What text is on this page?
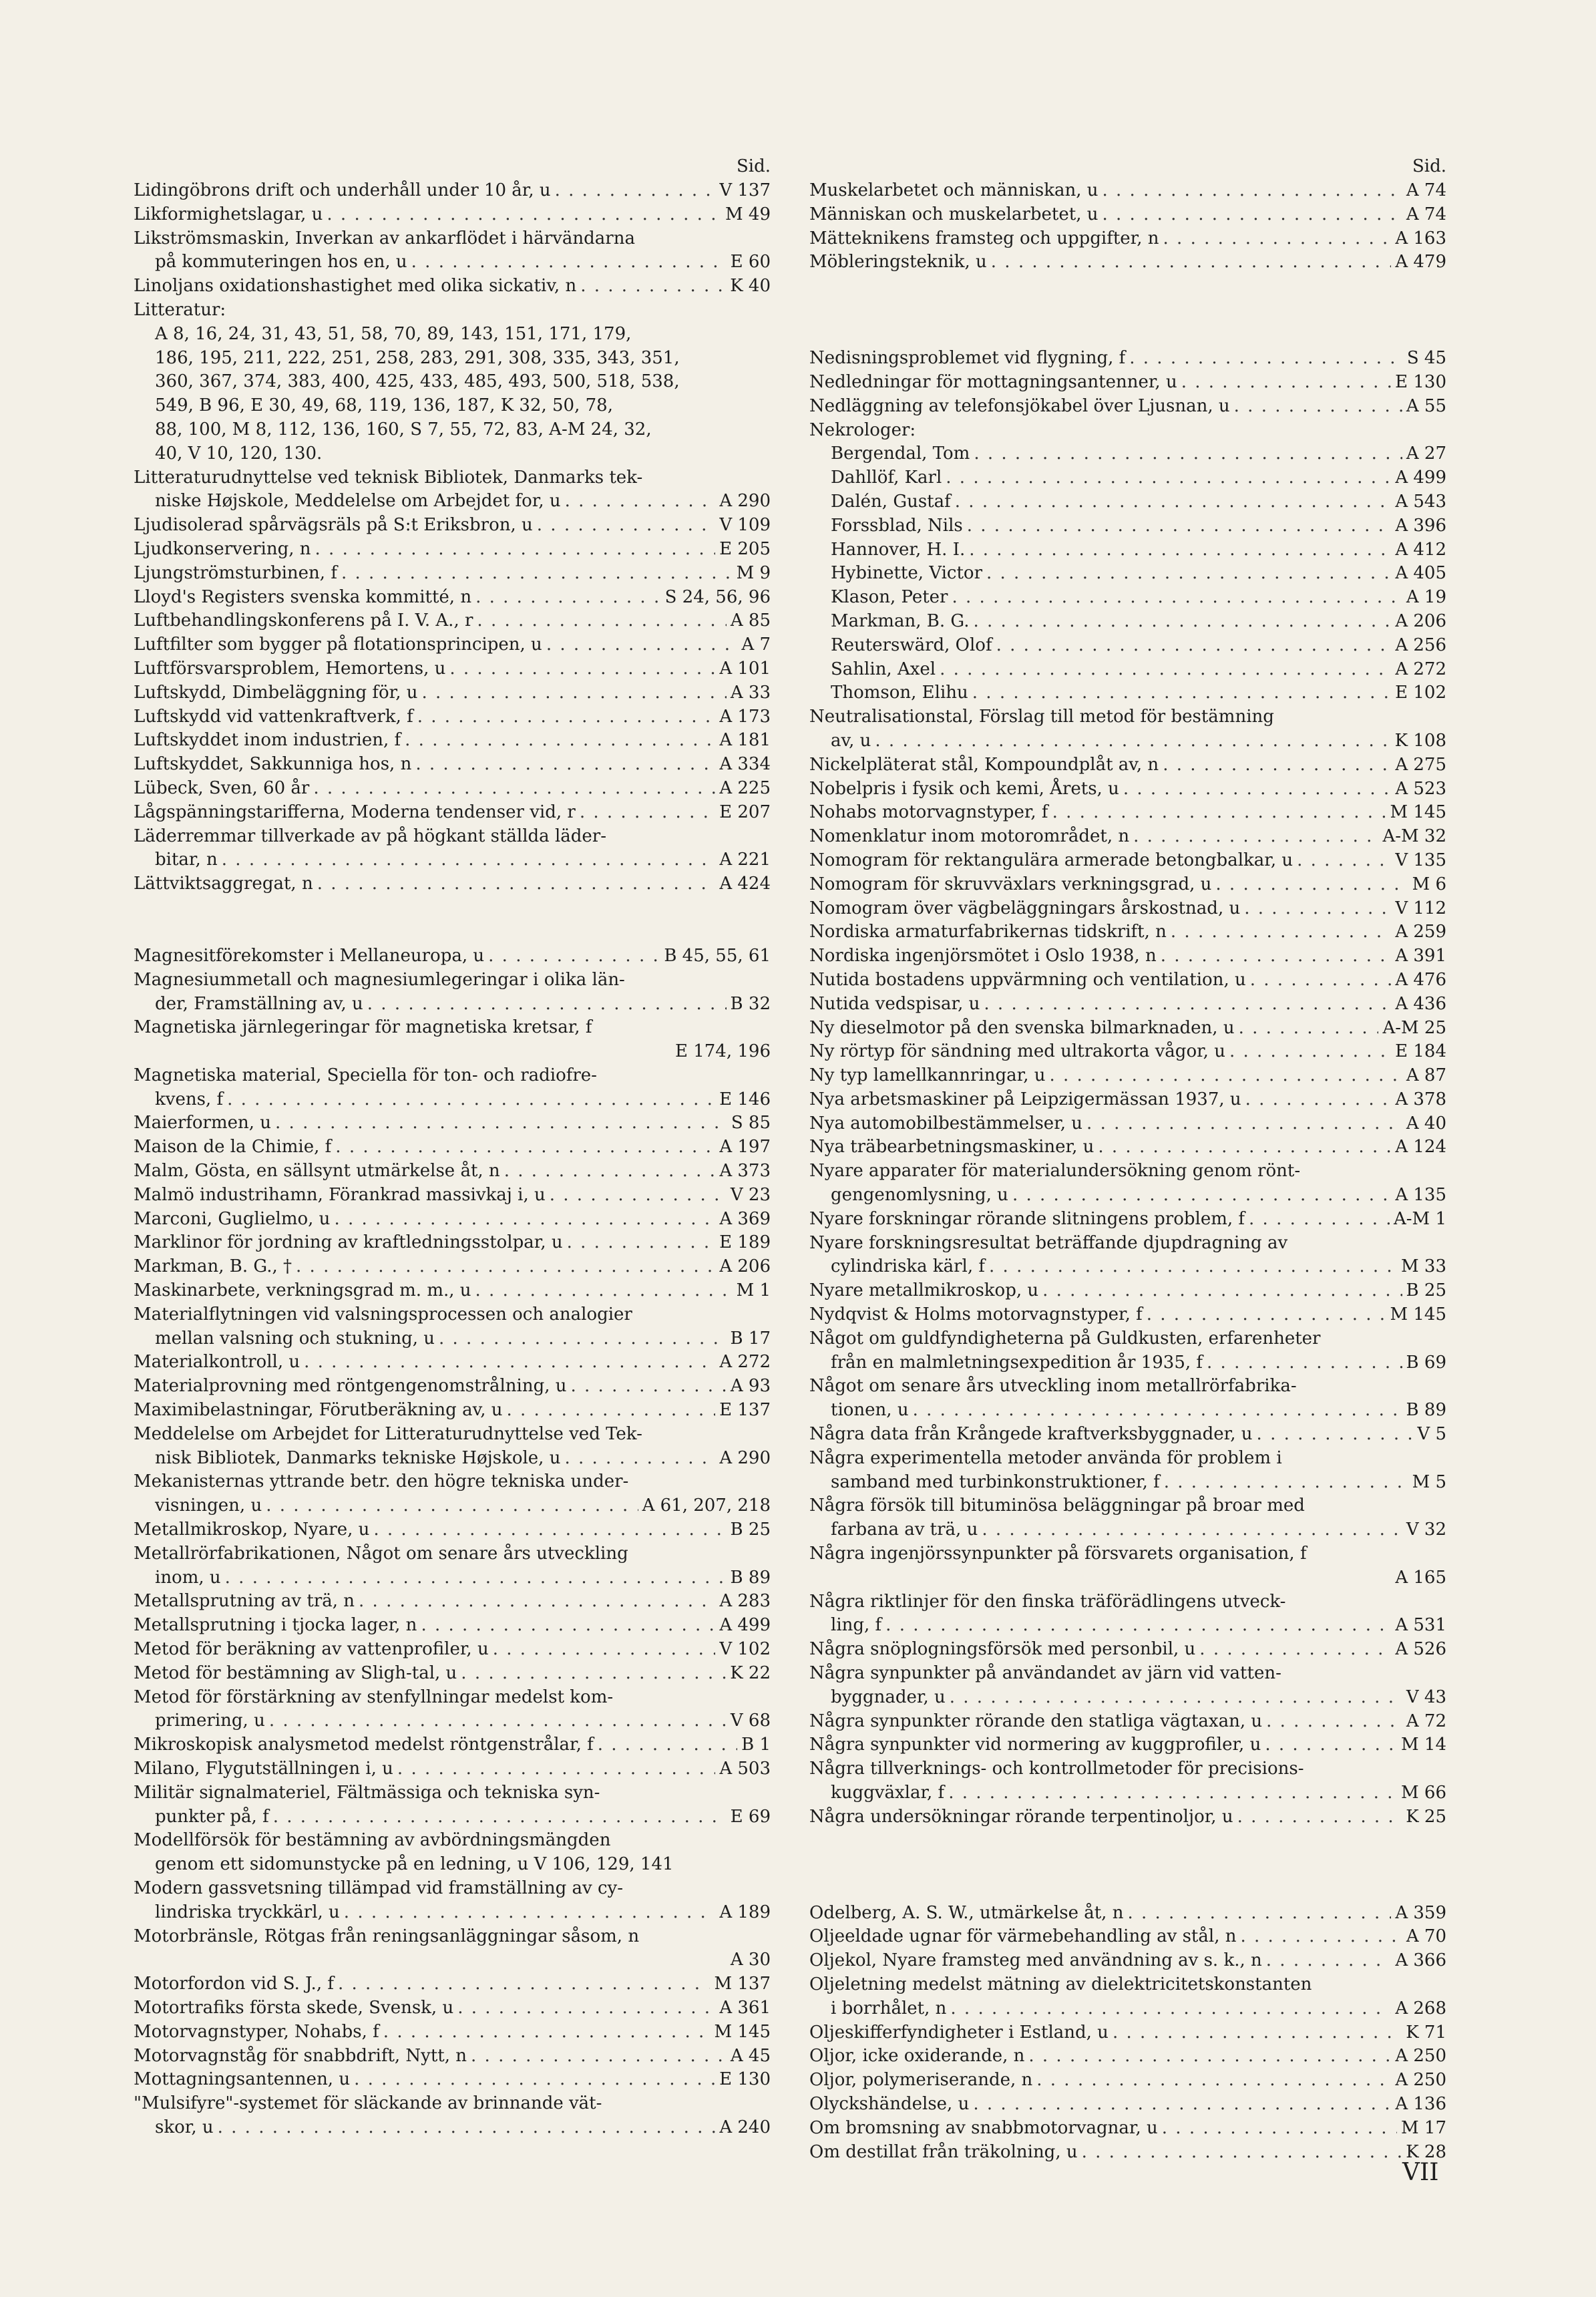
Sid.
Lidingöbrons drift och underhåll under 10 år, u . . .	V 137
Likformighetslagar, u . . .	M 49
Likströmsmaskin, Inverkan av ankarflödet i härvändarna
på kommuteringen hos en, u . . .	E 60
Linoljans oxidationshastighet med olika sickativ, n . . .	K 40
Litteratur:
A 8, 16, 24, 31, 43, 51, 58, 70, 89, 143, 151, 171, 179,
186, 195, 211, 222, 251, 258, 283, 291, 308, 335, 343, 351,
360, 367, 374, 383, 400, 425, 433, 485, 493, 500, 518, 538,
549, B 96, E 30, 49, 68, 119, 136, 187, K 32, 50, 78,
88, 100, M 8, 112, 136, 160, S 7, 55, 72, 83, A-M 24, 32,
40, V 10, 120, 130.
Litteraturudnyttelse ved teknisk Bibliotek, Danmarks tek-
niske Højskole, Meddelelse om Arbejdet for, u . . .	A 290
Ljudisolerad spårvägsräls på S:t Eriksbron, u . . .	V 109
Ljudkonservering, n . . .	E 205
Ljungströmsturbinen, f . . .	M 9
Lloyd's Registers svenska kommitté, n . . .	S 24, 56, 96
Luftbehandlingskonferens på I. V. A., r . . .	A 85
Luftfilter som bygger på flotationsprincipen, u . . .	A 7
Luftförsvarsproblem, Hemortens, u . . .	A 101
Luftskydd, Dimbeläggning för, u . . .	A 33
Luftskydd vid vattenkraftverk, f . . .	A 173
Luftskyddet inom industrien, f . . .	A 181
Luftskyddet, Sakkunniga hos, n . . .	A 334
Lübeck, Sven, 60 år . . .	A 225
Lågspänningstarifferna, Moderna tendenser vid, r . . .	E 207
Läderremmar tillverkade av på högkant ställda läder-
bitar, n . . .	A 221
Lättviktsaggregat, n . . .	A 424
Magnesitförekomster i Mellaneuropa, u . . .	B 45, 55, 61
Magnesiummetall och magnesiumlegeringar i olika län-
der, Framställning av, u . . .	B 32
Magnetiska järnlegeringar för magnetiska kretsar, f
E 174, 196
Magnetiska material, Speciella för ton- och radiofre-
kvens, f . . .	E 146
Maierformen, u . . .	S 85
Maison de la Chimie, f . . .	A 197
Malm, Gösta, en sällsynt utmärkelse åt, n . . .	A 373
Malmö industrihamn, Förankrad massivkaj i, u . . .	V 23
Marconi, Guglielmo, u . . .	A 369
Marklinor för jordning av kraftledningsstolpar, u . . .	E 189
Markman, B. G., † . . .	A 206
Maskinarbete, verkningsgrad m. m., u . . .	M 1
Materialflytningen vid valsningsprocessen och analogier
mellan valsning och stukning, u . . .	B 17
Materialkontroll, u . . .	A 272
Materialprovning med röntgengenomstrålning, u . . .	A 93
Maximibelastningar, Förutberäkning av, u . . .	E 137
Meddelelse om Arbejdet for Litteraturudnyttelse ved Tek-
nisk Bibliotek, Danmarks tekniske Højskole, u . . .	A 290
Mekanisternas yttrande betr. den högre tekniska under-
visningen, u . . .	A 61, 207, 218
Metallmikroskop, Nyare, u . . .	B 25
Metallrörfabrikationen, Något om senare års utveckling
inom, u . . .	B 89
Metallsprutning av trä, n . . .	A 283
Metallsprutning i tjocka lager, n . . .	A 499
Metod för beräkning av vattenprofiler, u . . .	V 102
Metod för bestämning av Sligh-tal, u . . .	K 22
Metod för förstärkning av stenfyllningar medelst kom-
primering, u . . .	V 68
Mikroskopisk analysmetod medelst röntgenstrålar, f . . .	B 1
Milano, Flygutställningen i, u . . .	A 503
Militär signalmateriel, Fältmässiga och tekniska syn-
punkter på, f . . .	E 69
Modellförsök för bestämning av avbördningsmängden
genom ett sidomunstycke på en ledning, u V 106, 129, 141
Modern gassvetsning tillämpad vid framställning av cy-
lindriska tryckkärl, u . . .	A 189
Motorbränsle, Rötgas från reningsanläggningar såsom, n
A 30
Motorfordon vid S. J., f . . .	M 137
Motortrafiks första skede, Svensk, u . . .	A 361
Motorvagnstyper, Nohabs, f . . .	M 145
Motorvagnståg för snabbdrift, Nytt, n . . .	A 45
Mottagningsantennen, u . . .	E 130
"Mulsifyre"-systemet för släckande av brinnande vät-
skor, u . . .	A 240
Sid.
Muskelarbetet och människan, u . . .	A 74
Människan och muskelarbetet, u . . .	A 74
Mätteknikens framsteg och uppgifter, n . . .	A 163
Möbleringsteknik, u . . .	A 479
Nedisningsproblemet vid flygning, f . . .	S 45
Nedledningar för mottagningsantenner, u . . .	E 130
Nedläggning av telefonsjökabel över Ljusnan, u . . .	A 55
Nekrologer:
Bergendal, Tom . . .	A 27
Dahllöf, Karl . . .	A 499
Dalén, Gustaf . . .	A 543
Forssblad, Nils . . .	A 396
Hannover, H. I. . . .	A 412
Hybinette, Victor . . .	A 405
Klason, Peter . . .	A 19
Markman, B. G. . . .	A 206
Reuterswärd, Olof . . .	A 256
Sahlin, Axel . . .	A 272
Thomson, Elihu . . .	E 102
Neutralisationstal, Förslag till metod för bestämning
av, u . . .	K 108
Nickelpläterat stål, Kompoundplåt av, n . . .	A 275
Nobelpris i fysik och kemi, Årets, u . . .	A 523
Nohabs motorvagnstyper, f . . .	M 145
Nomenklatur inom motorområdet, n . . .	A-M 32
Nomogram för rektangulära armerade betongbalkar, u . . .	V 135
Nomogram för skruvväxlars verkningsgrad, u . . .	M 6
Nomogram över vägbeläggningars årskostnad, u . . .	V 112
Nordiska armaturfabrikernas tidskrift, n . . .	A 259
Nordiska ingenjörsmötet i Oslo 1938, n . . .	A 391
Nutida bostadens uppvärmning och ventilation, u . . .	A 476
Nutida vedspisar, u . . .	A 436
Ny dieselmotor på den svenska bilmarknaden, u . . .	A-M 25
Ny rörtyp för sändning med ultrakorta vågor, u . . .	E 184
Ny typ lamellkannringar, u . . .	A 87
Nya arbetsmaskiner på Leipzigermässan 1937, u . . .	A 378
Nya automobilbestämmelser, u . . .	A 40
Nya träbearbetningsmaskiner, u . . .	A 124
Nyare apparater för materialundersökning genom rönt-
gengenomlysning, u . . .	A 135
Nyare forskningar rörande slitningens problem, f . . .	A-M 1
Nyare forskningsresultat beträffande djupdragning av
cylindriska kärl, f . . .	M 33
Nyare metallmikroskop, u . . .	B 25
Nydqvist & Holms motorvagnstyper, f . . .	M 145
Något om guldfyndigheterna på Guldkusten, erfarenheter
från en malmletningsexpedition år 1935, f . . .	B 69
Något om senare års utveckling inom metallrörfabrika-
tionen, u . . .	B 89
Några data från Krångede kraftverksbyggnader, u . . .	V 5
Några experimentella metoder använda för problem i
samband med turbinkonstruktioner, f . . .	M 5
Några försök till bituminösa beläggningar på broar med
farbana av trä, u . . .	V 32
Några ingenjörssynpunkter på försvarets organisation, f
A 165
Några riktlinjer för den finska träförädlingens utveck-
ling, f . . .	A 531
Några snöplogningsförsök med personbil, u . . .	A 526
Några synpunkter på användandet av järn vid vatten-
byggnader, u . . .	V 43
Några synpunkter rörande den statliga vägtaxan, u . . .	A 72
Några synpunkter vid normering av kuggprofiler, u . . .	M 14
Några tillverknings- och kontrollmetoder för precisions-
kuggväxlar, f . . .	M 66
Några undersökningar rörande terpentinoljor, u . . .	K 25
Odelberg, A. S. W., utmärkelse åt, n . . .	A 359
Oljeeldade ugnar för värmebehandling av stål, n . . .	A 70
Oljekol, Nyare framsteg med användning av s. k., n . . .	A 366
Oljeletning medelst mätning av dielektricitetskonstanten
i borrhålet, n . . .	A 268
Oljeskifferfyndigheter i Estland, u . . .	K 71
Oljor, icke oxiderande, n . . .	A 250
Oljor, polymeriserande, n . . .	A 250
Olyckshändelse, u . . .	A 136
Om bromsning av snabbmotorvagnar, u . . .	M 17
Om destillat från träkolning, u . . .	K 28
VII
